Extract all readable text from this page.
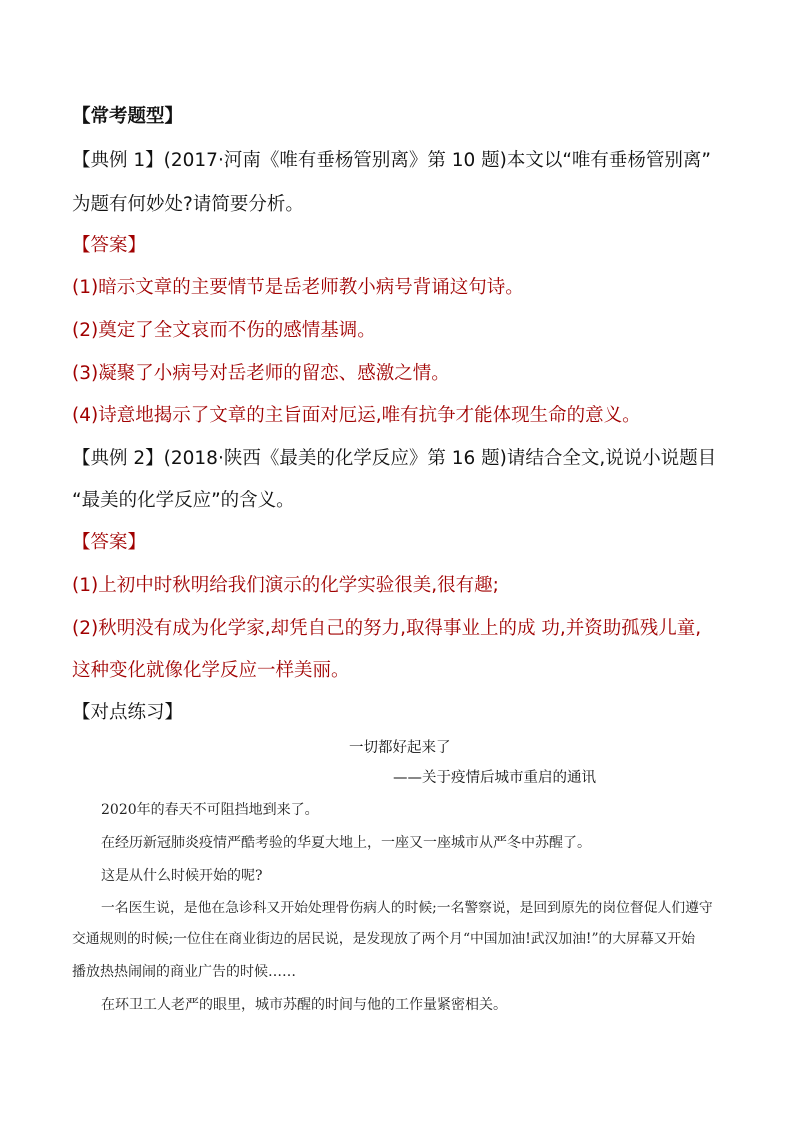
【常考题型】
【典例 1】(2017·河南《唯有垂杨管别离》第 10 题)本文以“唯有垂杨管别离”
为题有何妙处?请简要分析。
【答案】
(1)暗示文章的主要情节是岳老师教小病号背诵这句诗。
(2)奠定了全文哀而不伤的感情基调。
(3)凝聚了小病号对岳老师的留恋、感激之情。
(4)诗意地揭示了文章的主旨面对厄运,唯有抗争才能体现生命的意义。
【典例 2】(2018·陕西《最美的化学反应》第 16 题)请结合全文,说说小说题目
“最美的化学反应”的含义。
【答案】
(1)上初中时秋明给我们演示的化学实验很美,很有趣;
(2)秋明没有成为化学家,却凭自己的努力,取得事业上的成 功,并资助孤残儿童,
这种变化就像化学反应一样美丽。
【对点练习】
一切都好起来了
——关于疫情后城市重启的通讯
2020年的春天不可阻挡地到来了。
在经历新冠肺炎疫情严酷考验的华夏大地上，一座又一座城市从严冬中苏醒了。
这是从什么时候开始的呢?
一名医生说，是他在急诊科又开始处理骨伤病人的时候;一名警察说，是回到原先的岗位督促人们遵守
交通规则的时候;一位住在商业街边的居民说，是发现放了两个月“中国加油!武汉加油!”的大屏幕又开始
播放热热闹闹的商业广告的时候……
在环卫工人老严的眼里，城市苏醒的时间与他的工作量紧密相关。
